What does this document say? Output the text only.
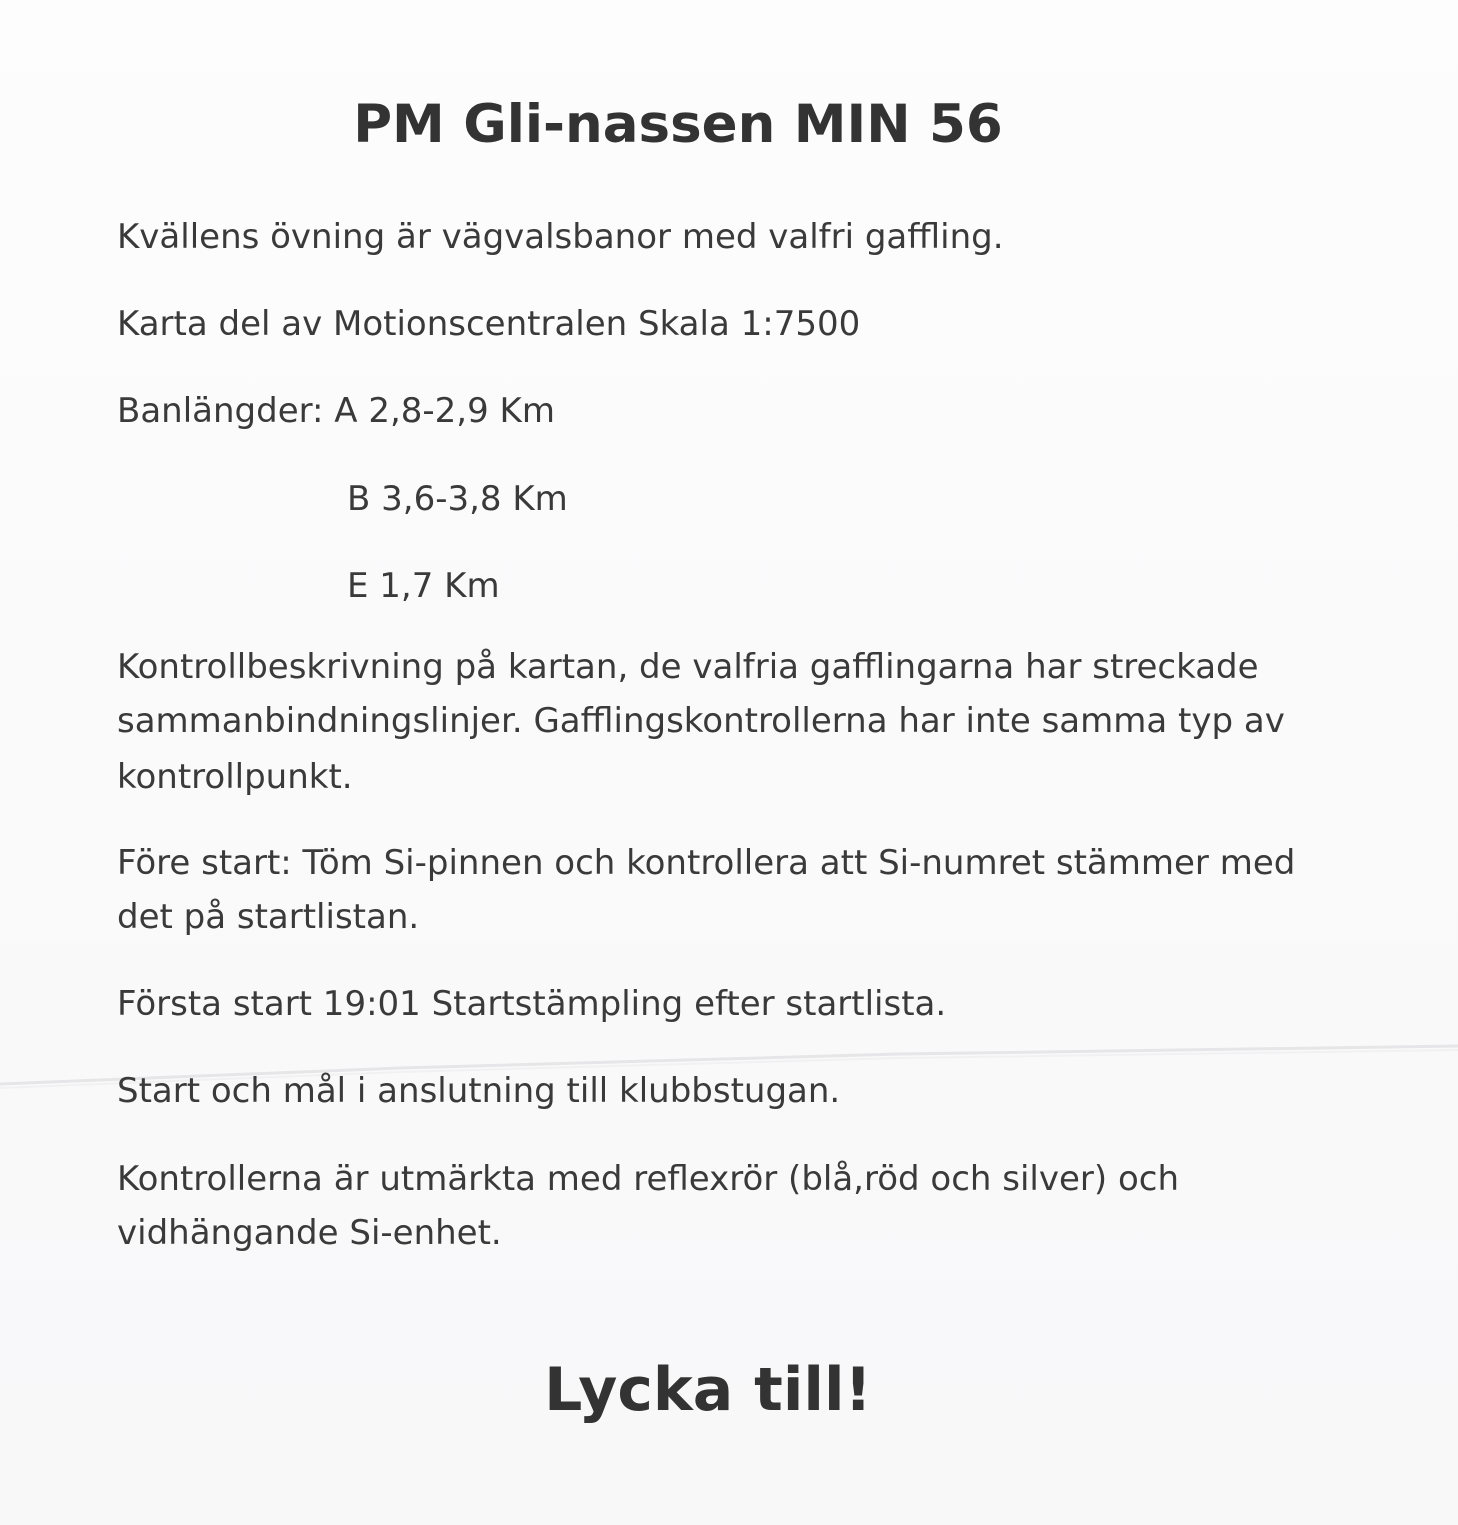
PM Gli-nassen MIN 56
Kvällens övning är vägvalsbanor med valfri gaffling.
Karta del av Motionscentralen Skala 1:7500
Banlängder: A 2,8-2,9 Km
B 3,6-3,8 Km
E 1,7 Km
Kontrollbeskrivning på kartan, de valfria gafflingarna har streckade
sammanbindningslinjer. Gafflingskontrollerna har inte samma typ av
kontrollpunkt.
Före start: Töm Si-pinnen och kontrollera att Si-numret stämmer med
det på startlistan.
Första start 19:01 Startstämpling efter startlista.
Start och mål i anslutning till klubbstugan.
Kontrollerna är utmärkta med reflexrör (blå,röd och silver) och
vidhängande Si-enhet.
Lycka till!
